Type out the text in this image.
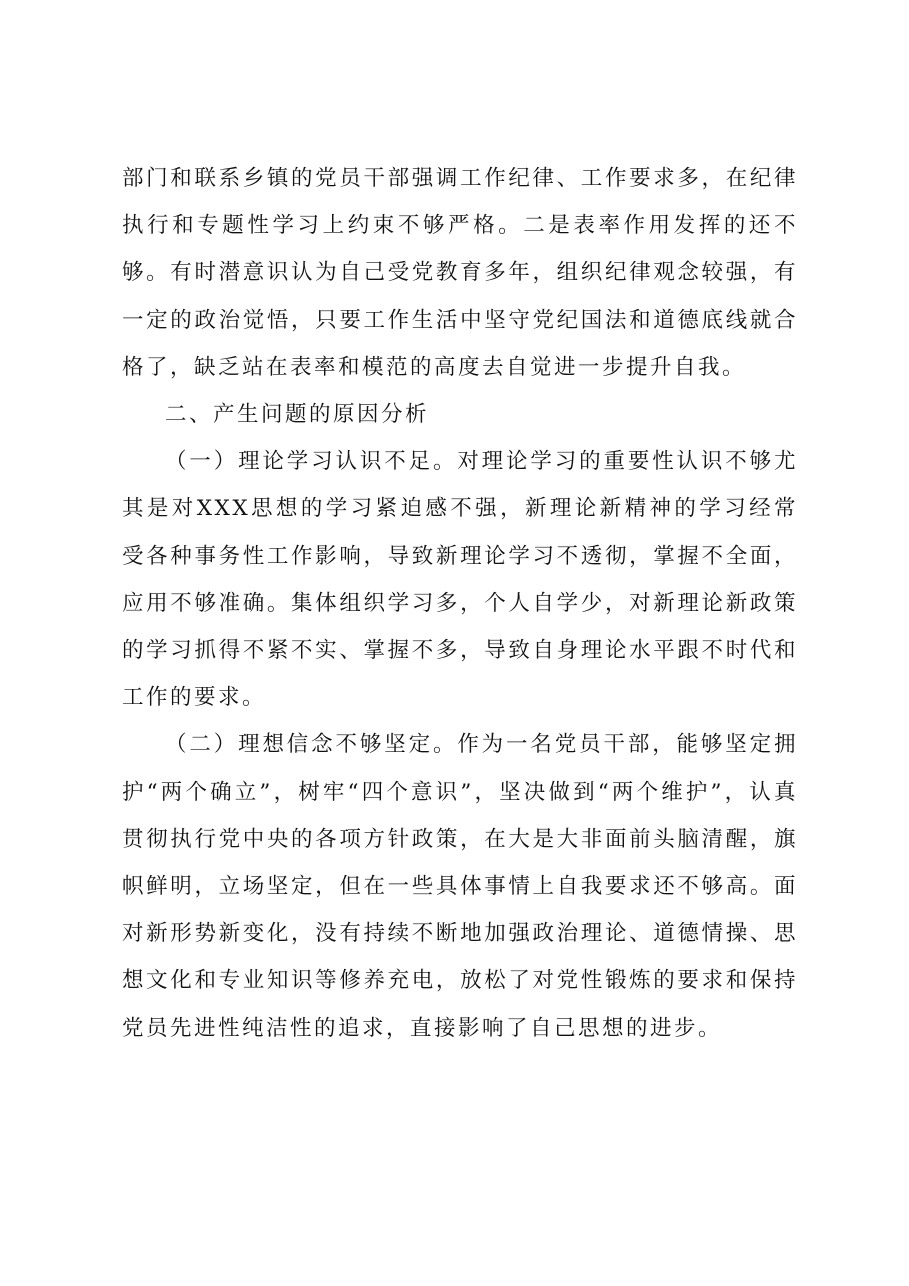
部门和联系乡镇的党员干部强调工作纪律、工作要求多，在纪律执行和专题性学习上约束不够严格。二是表率作用发挥的还不够。有时潜意识认为自己受党教育多年，组织纪律观念较强，有一定的政治觉悟，只要工作生活中坚守党纪国法和道德底线就合格了，缺乏站在表率和模范的高度去自觉进一步提升自我。

二、产生问题的原因分析

（一）理论学习认识不足。对理论学习的重要性认识不够尤其是对XXX思想的学习紧迫感不强，新理论新精神的学习经常受各种事务性工作影响，导致新理论学习不透彻，掌握不全面，应用不够准确。集体组织学习多，个人自学少，对新理论新政策的学习抓得不紧不实、掌握不多，导致自身理论水平跟不时代和工作的要求。

（二）理想信念不够坚定。作为一名党员干部，能够坚定拥护“两个确立”，树牢“四个意识”，坚决做到“两个维护”，认真贯彻执行党中央的各项方针政策，在大是大非面前头脑清醒，旗帜鲜明，立场坚定，但在一些具体事情上自我要求还不够高。面对新形势新变化，没有持续不断地加强政治理论、道德情操、思想文化和专业知识等修养充电，放松了对党性锻炼的要求和保持党员先进性纯洁性的追求，直接影响了自己思想的进步。
